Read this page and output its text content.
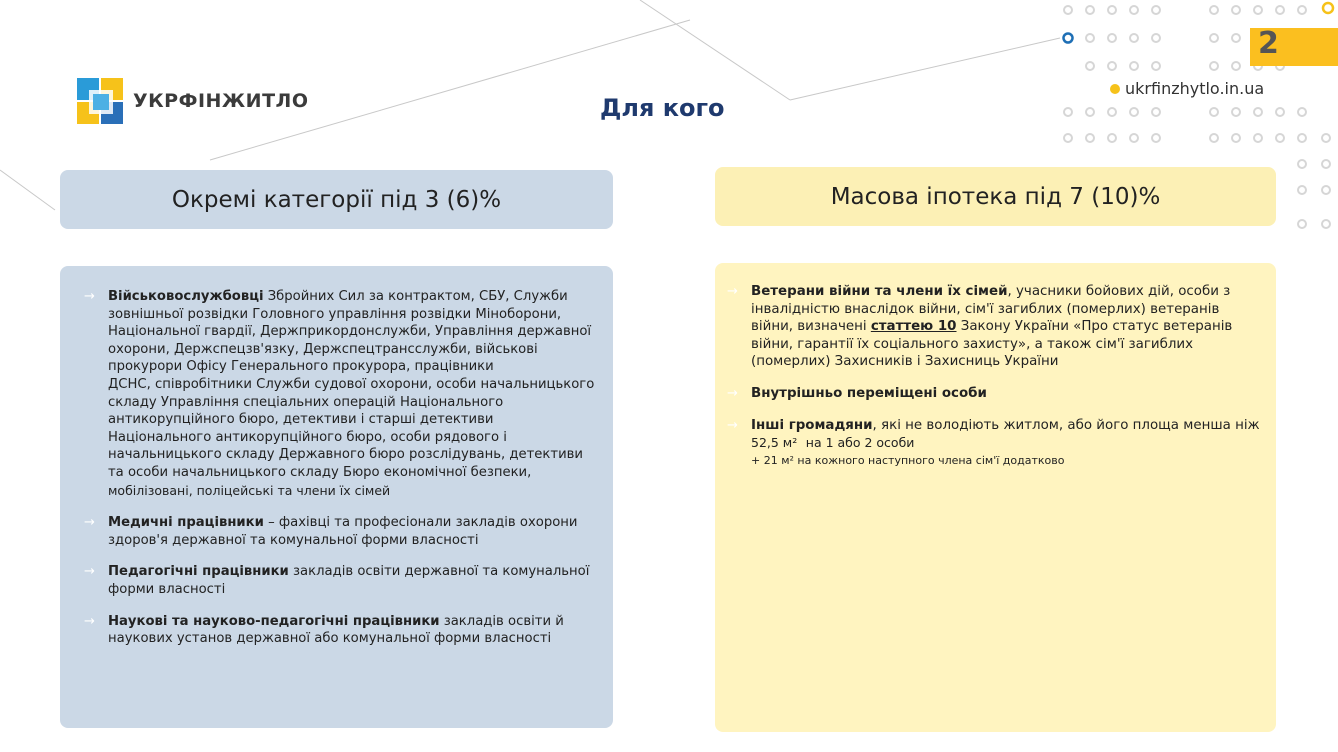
УКРФІНЖИТЛО	Для кого
2
ukrfinzhytlo.in.ua
Окремі категорії під 3 (6)%	Масова іпотека під 7 (10)%
→ Військовослужбовці Збройних Сил за контрактом, СБУ, Служби зовнішньої розвідки Головного управління розвідки Міноборони,
Національної гвардії, Держприкордонслужби, Управління державної охорони, Держспецзв'язку, Держспецтрансслужби, військові прокурори Офісу Генерального прокурора, працівники
ДСНС, співробітники Служби судової охорони, особи начальницького складу Управління спеціальних операцій Національного антикорупційного бюро, детективи і старші детективи Національного антикорупційного бюро, особи рядового і начальницького складу Державного бюро розслідувань, детективи та особи начальницького складу Бюро економічної безпеки, мобілізовані, поліцейські та члени їх сімей
→ Медичні працівники – фахівці та професіонали закладів охорони здоров'я державної та комунальної форми власності
→ Педагогічні працівники закладів освіти державної та комунальної форми власності
→ Наукові та науково-педагогічні працівники закладів освіти й наукових установ державної або комунальної форми власності
→ Ветерани війни та члени їх сімей, учасники бойових дій, особи з інвалідністю внаслідок війни, сім'ї загиблих (померлих) ветеранів війни, визначені статтею 10 Закону України «Про статус ветеранів війни, гарантії їх соціального захисту», а також сім'ї загиблих (померлих) Захисників і Захисниць України
→ Внутрішньо переміщені особи
→ Інші громадяни, які не володіють житлом, або його площа менша ніж 52,5 м² на 1 або 2 особи
+ 21 м² на кожного наступного члена сім'ї додатково
